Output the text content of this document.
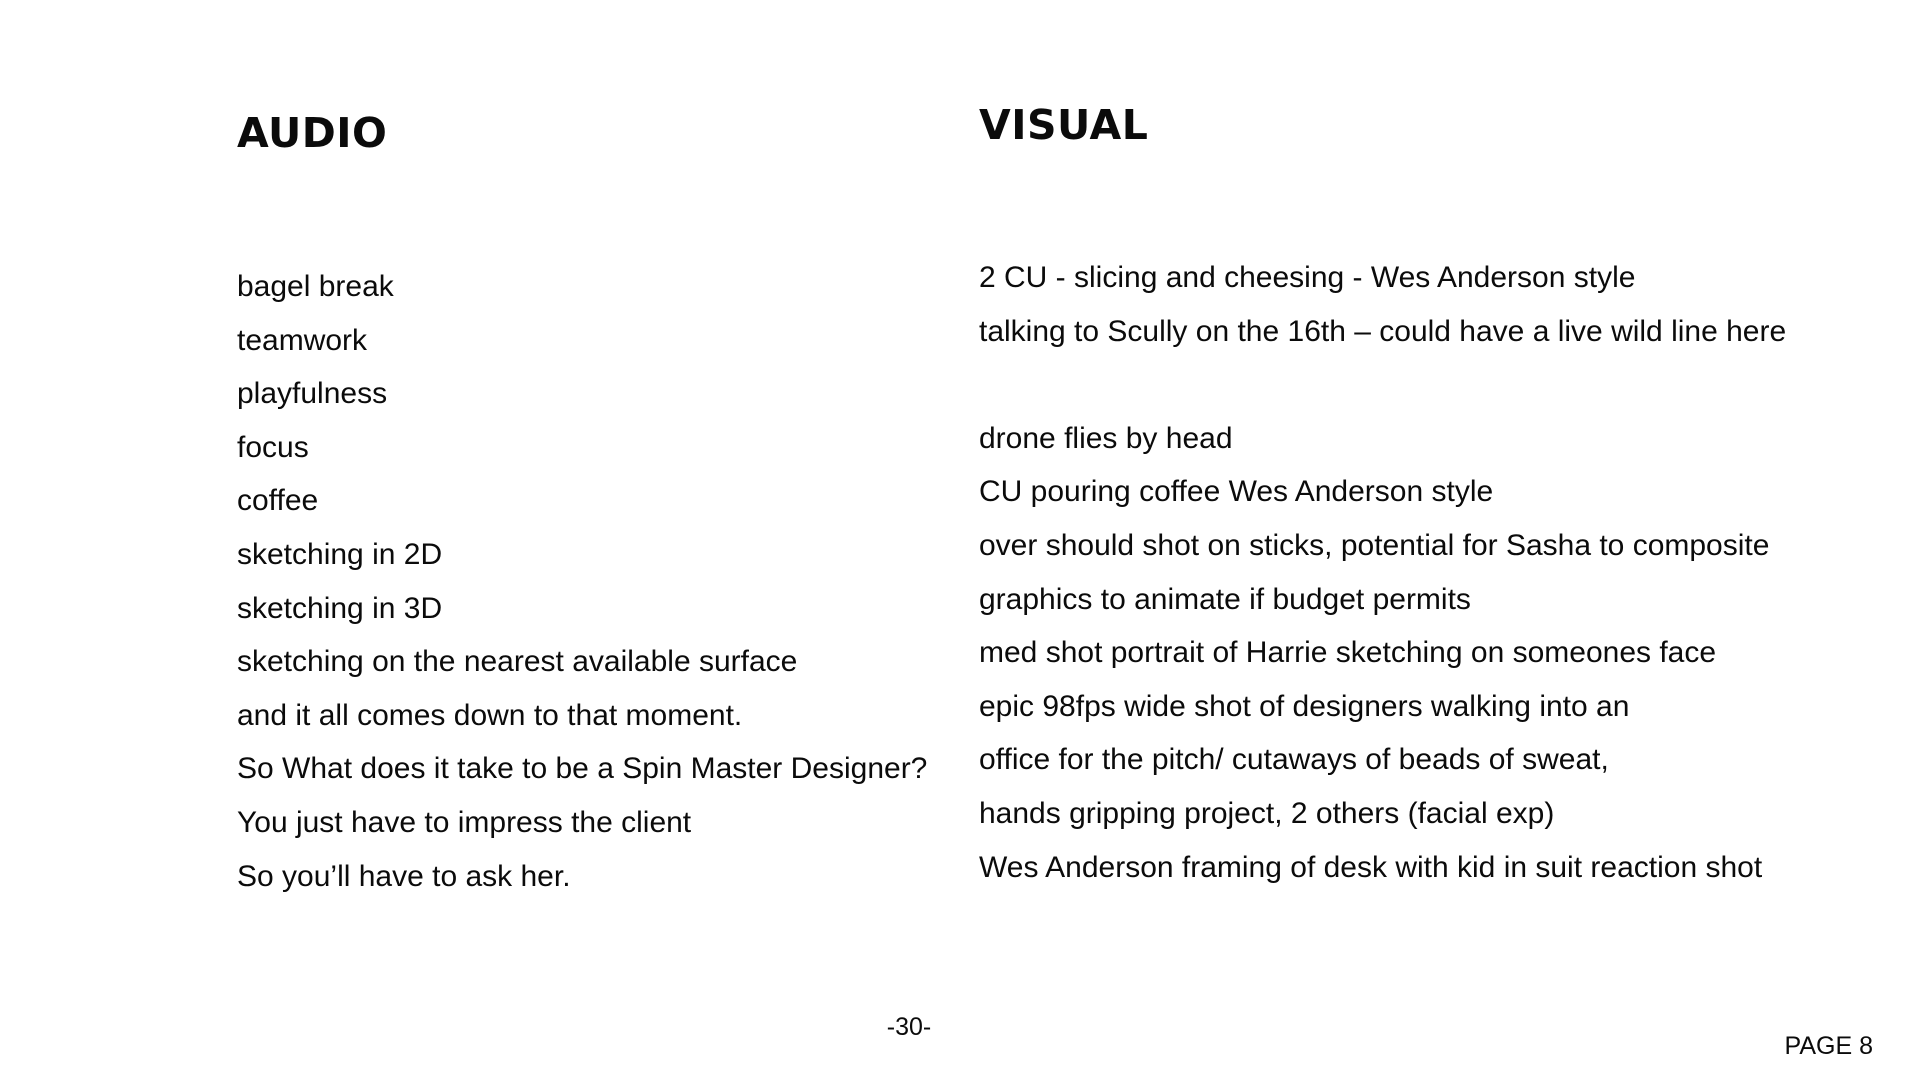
AUDIO	VISUAL
bagel break
teamwork
playfulness
focus
coffee
sketching in 2D
sketching in 3D
sketching on the nearest available surface
and it all comes down to that moment.
So What does it take to be a Spin Master Designer?
You just have to impress the client
So you’ll have to ask her.
2 CU - slicing and cheesing - Wes Anderson style
talking to Scully on the 16th – could have a live wild line here
drone flies by head
CU pouring coffee Wes Anderson style
over should shot on sticks, potential for Sasha to composite
graphics to animate if budget permits
med shot portrait of Harrie sketching on someones face
epic 98fps wide shot of designers walking into an
office for the pitch/ cutaways of beads of sweat,
hands gripping project, 2 others (facial exp)
Wes Anderson framing of desk with kid in suit reaction shot
-30-
PAGE 8
